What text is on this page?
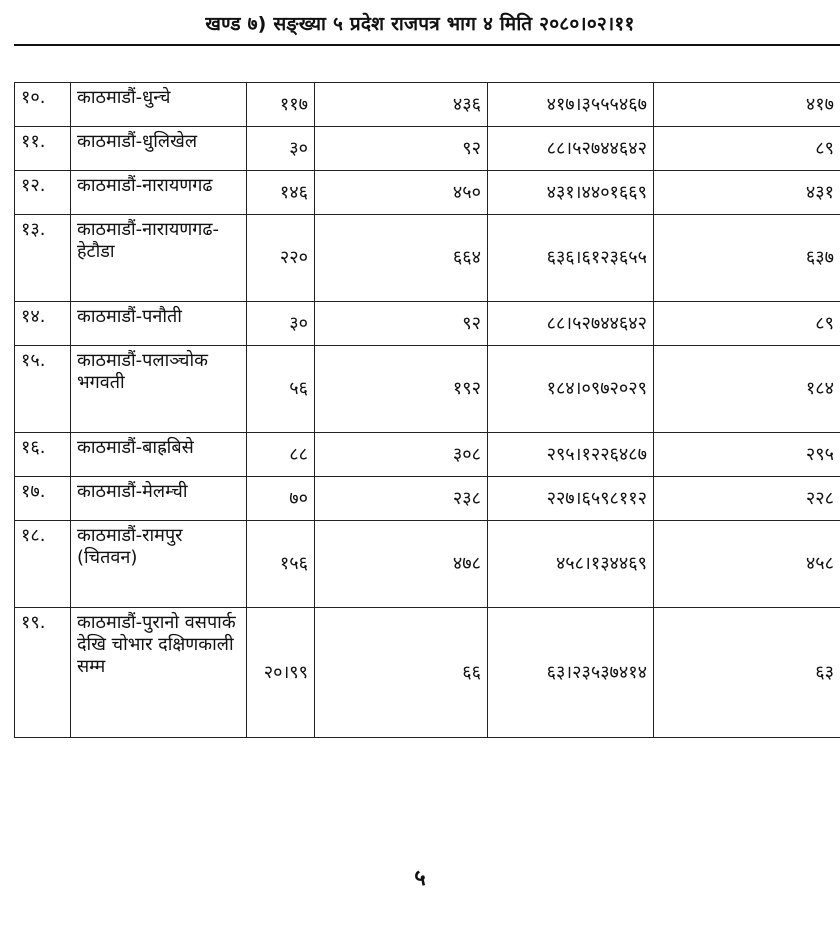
खण्ड ७) सङ्ख्या ५ प्रदेश राजपत्र भाग ४ मिति २०८०।०२।११
१०.	काठमाडौं-धुन्चे	११७	४३६	४१७।३५५५४६७	४१७
११.	काठमाडौं-धुलिखेल	३०	९२	८८।५२७४४६४२	८९
१२.	काठमाडौं-नारायणगढ	१४६	४५०	४३१।४४०१६६९	४३१
१३.	काठमाडौं-नारायणगढ-
हेटौडा	२२०	६६४	६३६।६१२३६५५	६३७
१४.	काठमाडौं-पनौती	३०	९२	८८।५२७४४६४२	८९
१५.	काठमाडौं-पलाञ्चोक
भगवती	५६	१९२	१८४।०९७२०२९	१८४
१६.	काठमाडौं-बाह्रबिसे	८८	३०८	२९५।१२२६४८७	२९५
१७.	काठमाडौं-मेलम्ची	७०	२३८	२२७।६५९८११२	२२८
१८.	काठमाडौं-रामपुर
(चितवन)	१५६	४७८	४५८।१३४४६९	४५८
१९.	काठमाडौं-पुरानो वसपार्क
देखि चोभार दक्षिणकाली
सम्म	२०।९९	६६	६३।२३५३७४१४	६३
५
